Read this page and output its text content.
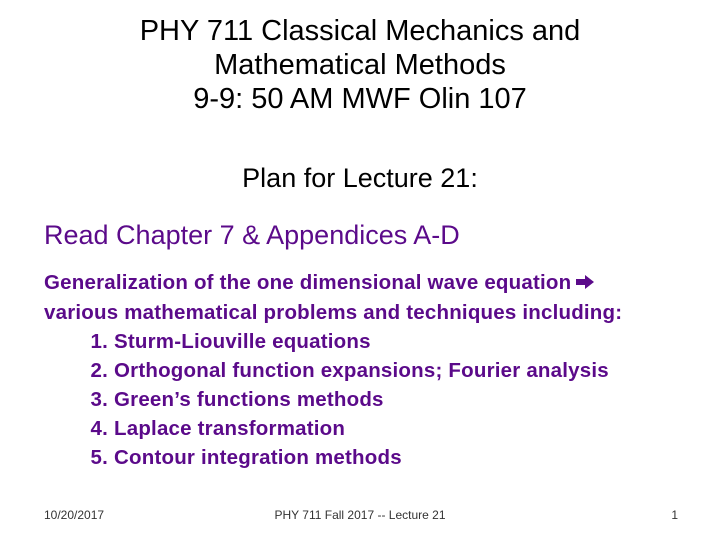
PHY 711 Classical Mechanics and
Mathematical Methods
9-9: 50 AM MWF Olin 107
Plan for Lecture 21:
Read Chapter 7 & Appendices A-D
Generalization of the one dimensional wave equation
various mathematical problems and techniques including:
1. Sturm-Liouville equations
2. Orthogonal function expansions; Fourier analysis
3. Green’s functions methods
4. Laplace transformation
5. Contour integration methods
10/20/2017	PHY 711 Fall 2017 -- Lecture 21	1
